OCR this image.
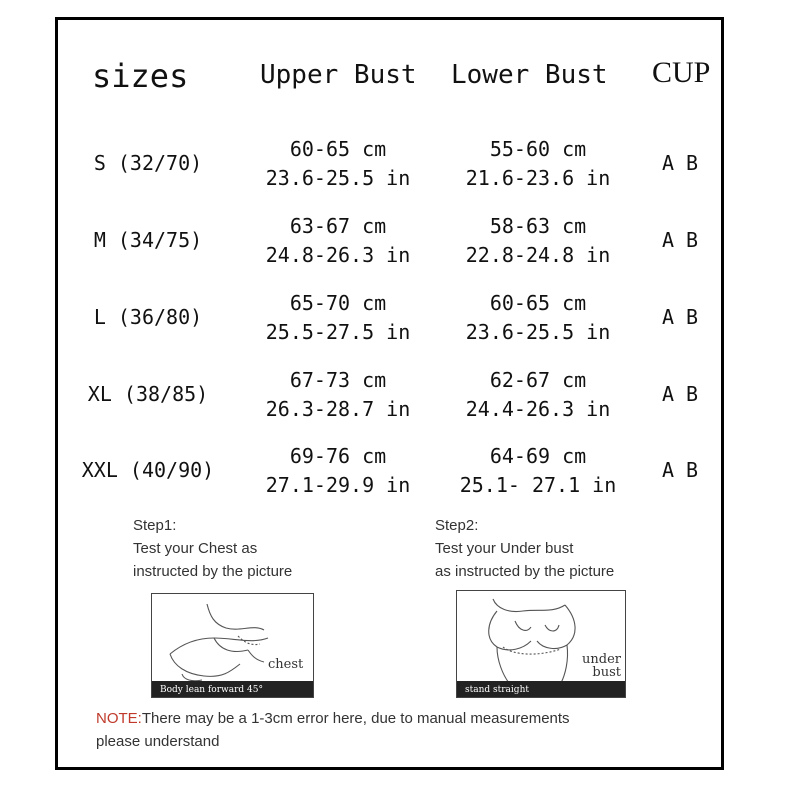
sizes	Upper Bust Lower Bust CUP
S (32/70)
60-65 cm
23.6-25.5 in
55-60 cm
21.6-23.6 in
A B
M (34/75)
63-67 cm
24.8-26.3 in
58-63 cm
22.8-24.8 in
A B
L (36/80)
65-70 cm
25.5-27.5 in
60-65 cm
23.6-25.5 in
A B
XL (38/85)
67-73 cm
26.3-28.7 in
62-67 cm
24.4-26.3 in
A B
XXL (40/90)
69-76 cm
27.1-29.9 in
64-69 cm
25.1- 27.1 in
A B
Step1:
Test your Chest as
instructed by the picture
Step2:
Test your Under bust
as instructed by the picture
chest
Body lean forward 45°
under
bust
stand straight
NOTE:There may be a 1-3cm error here, due to manual measurements
please understand
